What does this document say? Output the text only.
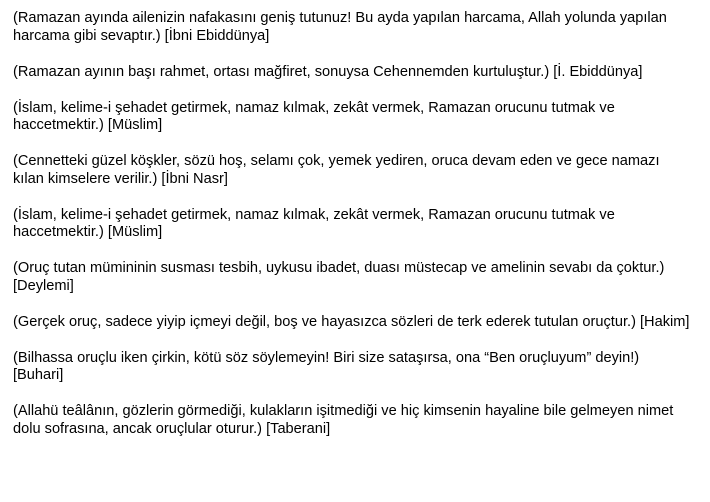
(Ramazan ayında ailenizin nafakasını geniş tutunuz! Bu ayda yapılan harcama, Allah yolunda yapılan harcama gibi sevaptır.) [İbni Ebiddünya]

(Ramazan ayının başı rahmet, ortası mağfiret, sonuysa Cehennemden kurtuluştur.) [İ. Ebiddünya]

(İslam, kelime-i şehadet getirmek, namaz kılmak, zekât vermek, Ramazan orucunu tutmak ve haccetmektir.) [Müslim]

(Cennetteki güzel köşkler, sözü hoş, selamı çok, yemek yediren, oruca devam eden ve gece namazı kılan kimselere verilir.) [İbni Nasr]

(İslam, kelime-i şehadet getirmek, namaz kılmak, zekât vermek, Ramazan orucunu tutmak ve haccetmektir.) [Müslim]

(Oruç tutan mümininin susması tesbih, uykusu ibadet, duası müstecap ve amelinin sevabı da çoktur.) [Deylemi]

(Gerçek oruç, sadece yiyip içmeyi değil, boş ve hayasızca sözleri de terk ederek tutulan oruçtur.) [Hakim]

(Bilhassa oruçlu iken çirkin, kötü söz söylemeyin! Biri size sataşırsa, ona “Ben oruçluyum” deyin!) [Buhari]

(Allahü teâlânın, gözlerin görmediği, kulakların işitmediği ve hiç kimsenin hayaline bile gelmeyen nimet dolu sofrasına, ancak oruçlular oturur.) [Taberani]
